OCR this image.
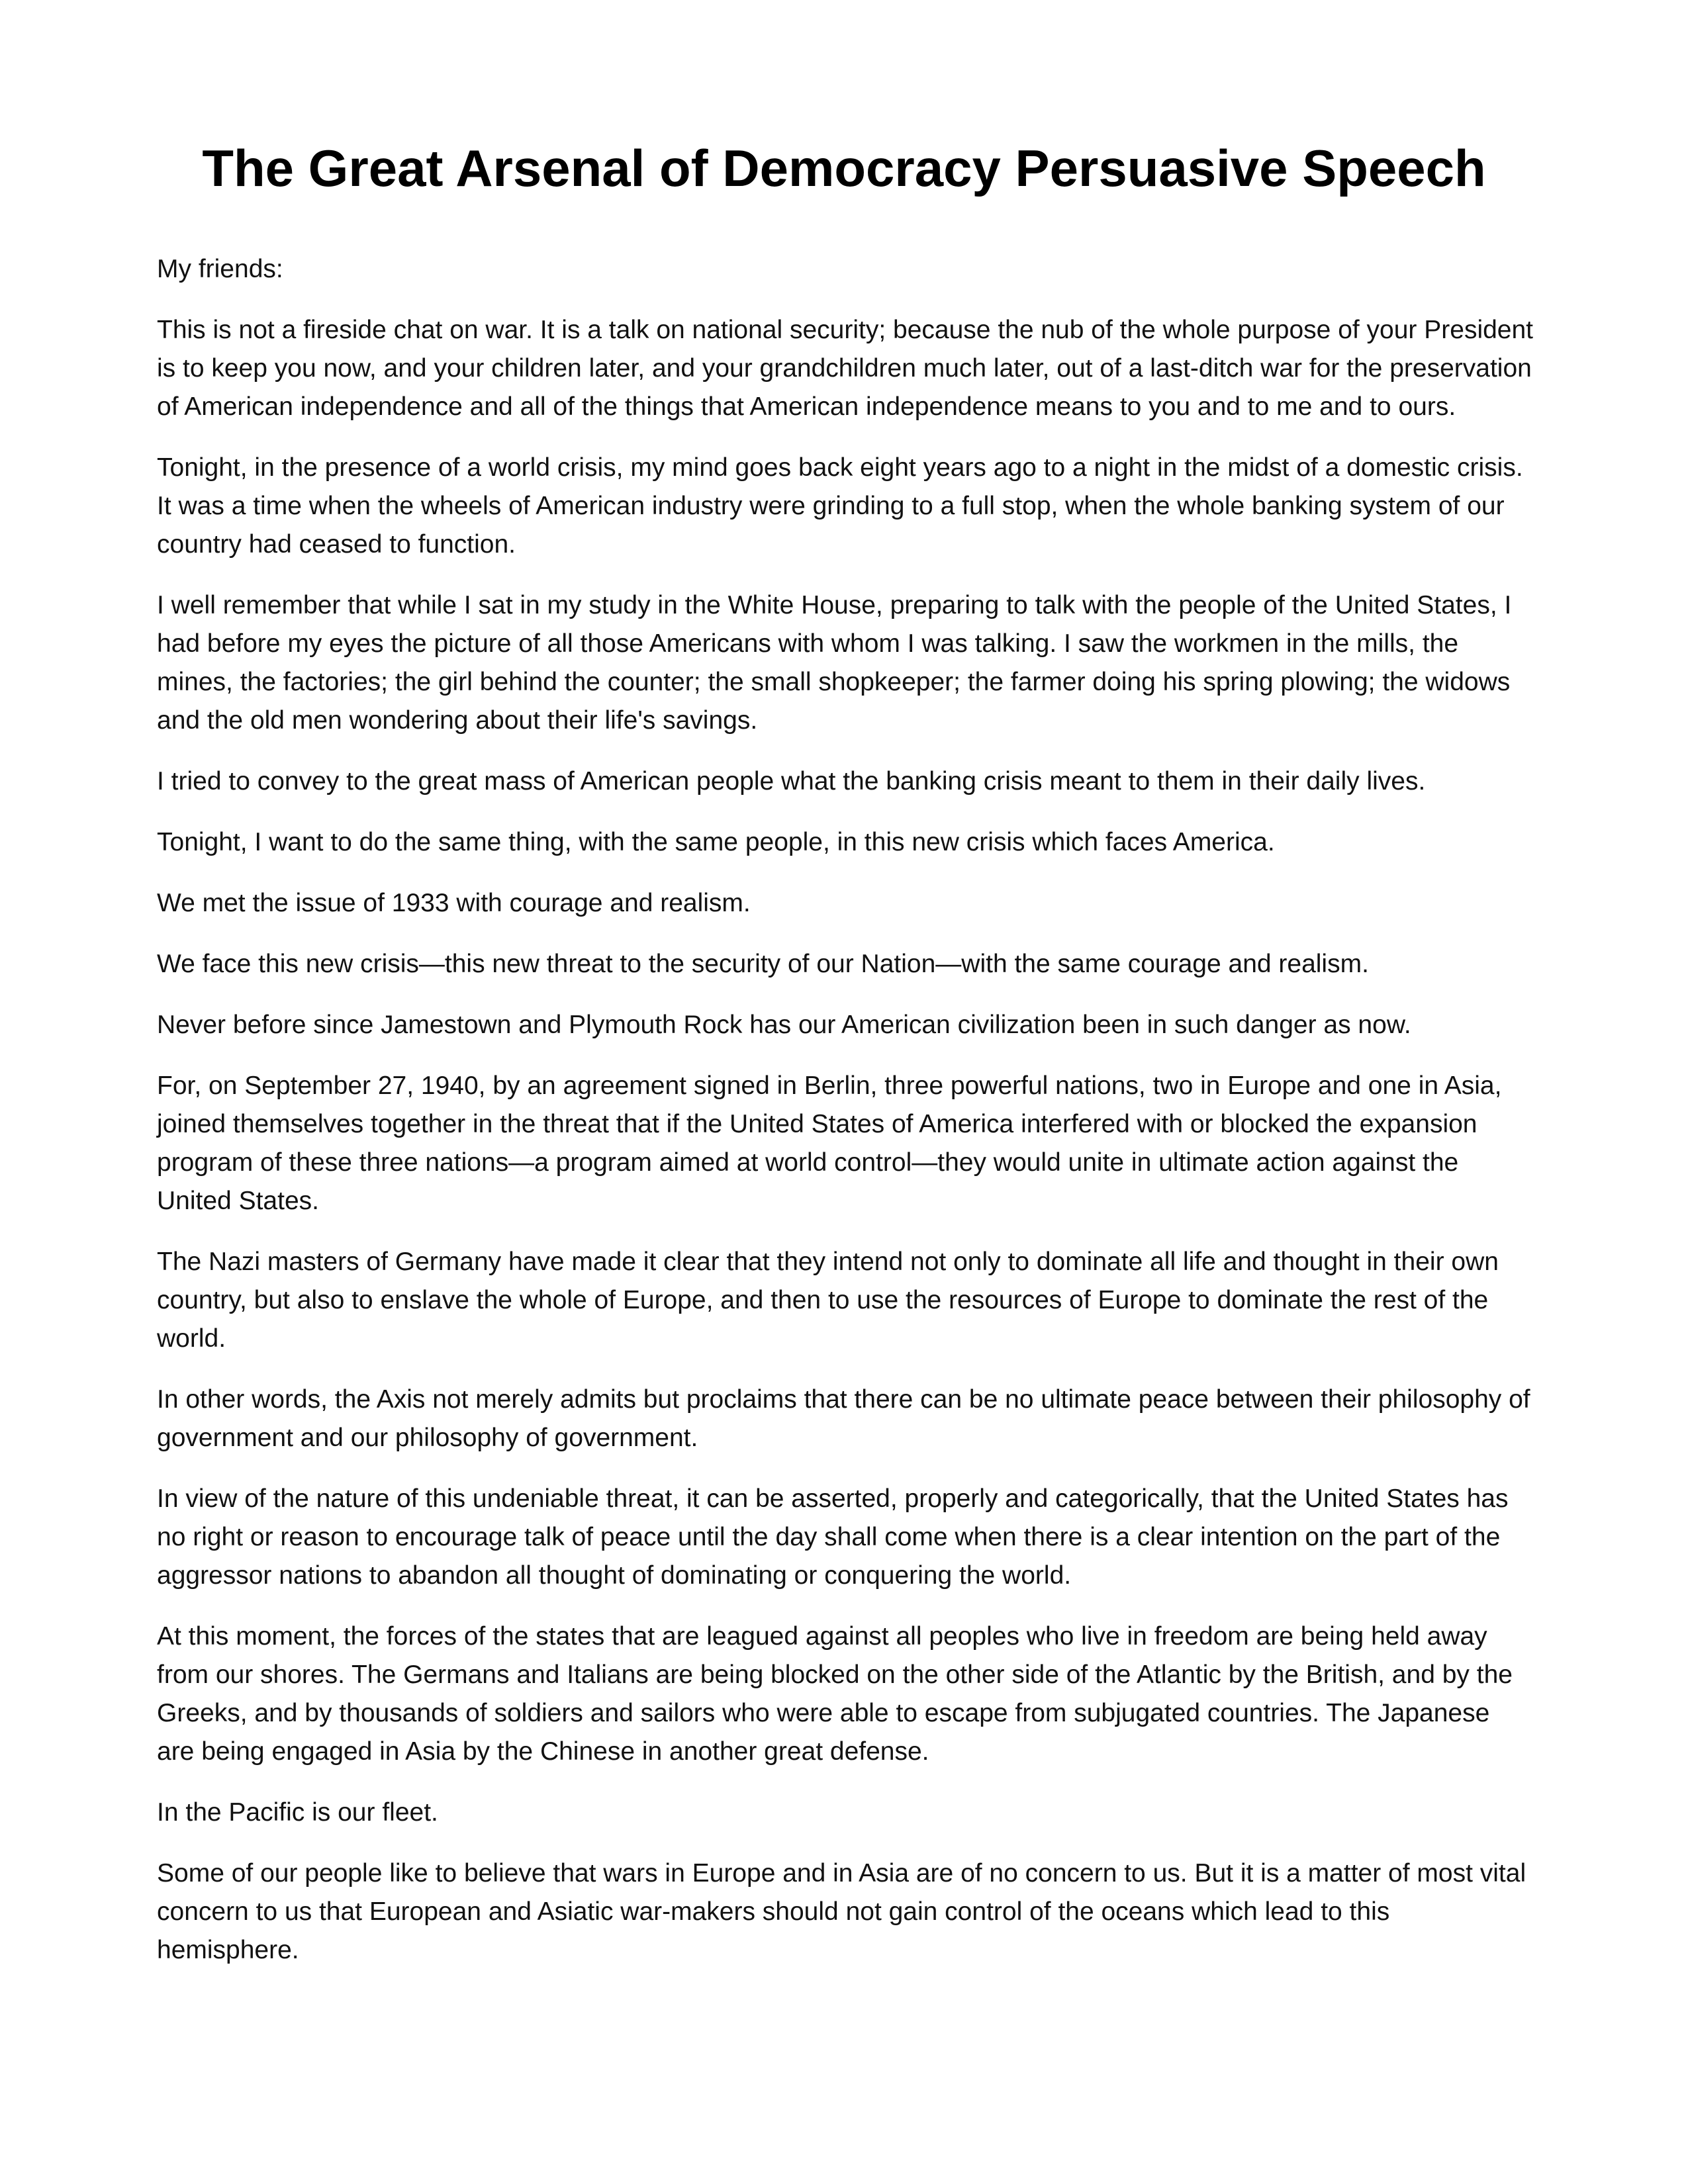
The Great Arsenal of Democracy Persuasive Speech

My friends:

This is not a fireside chat on war. It is a talk on national security; because the nub of the whole purpose of your President is to keep you now, and your children later, and your grandchildren much later, out of a last-ditch war for the preservation of American independence and all of the things that American independence means to you and to me and to ours.

Tonight, in the presence of a world crisis, my mind goes back eight years ago to a night in the midst of a domestic crisis. It was a time when the wheels of American industry were grinding to a full stop, when the whole banking system of our country had ceased to function.

I well remember that while I sat in my study in the White House, preparing to talk with the people of the United States, I had before my eyes the picture of all those Americans with whom I was talking. I saw the workmen in the mills, the mines, the factories; the girl behind the counter; the small shopkeeper; the farmer doing his spring plowing; the widows and the old men wondering about their life's savings.

I tried to convey to the great mass of American people what the banking crisis meant to them in their daily lives.

Tonight, I want to do the same thing, with the same people, in this new crisis which faces America.

We met the issue of 1933 with courage and realism.

We face this new crisis—this new threat to the security of our Nation—with the same courage and realism.

Never before since Jamestown and Plymouth Rock has our American civilization been in such danger as now.

For, on September 27, 1940, by an agreement signed in Berlin, three powerful nations, two in Europe and one in Asia, joined themselves together in the threat that if the United States of America interfered with or blocked the expansion program of these three nations—a program aimed at world control—they would unite in ultimate action against the United States.

The Nazi masters of Germany have made it clear that they intend not only to dominate all life and thought in their own country, but also to enslave the whole of Europe, and then to use the resources of Europe to dominate the rest of the world.

In other words, the Axis not merely admits but proclaims that there can be no ultimate peace between their philosophy of government and our philosophy of government.

In view of the nature of this undeniable threat, it can be asserted, properly and categorically, that the United States has no right or reason to encourage talk of peace until the day shall come when there is a clear intention on the part of the aggressor nations to abandon all thought of dominating or conquering the world.

At this moment, the forces of the states that are leagued against all peoples who live in freedom are being held away from our shores. The Germans and Italians are being blocked on the other side of the Atlantic by the British, and by the Greeks, and by thousands of soldiers and sailors who were able to escape from subjugated countries. The Japanese are being engaged in Asia by the Chinese in another great defense.

In the Pacific is our fleet.

Some of our people like to believe that wars in Europe and in Asia are of no concern to us. But it is a matter of most vital concern to us that European and Asiatic war-makers should not gain control of the oceans which lead to this hemisphere.
